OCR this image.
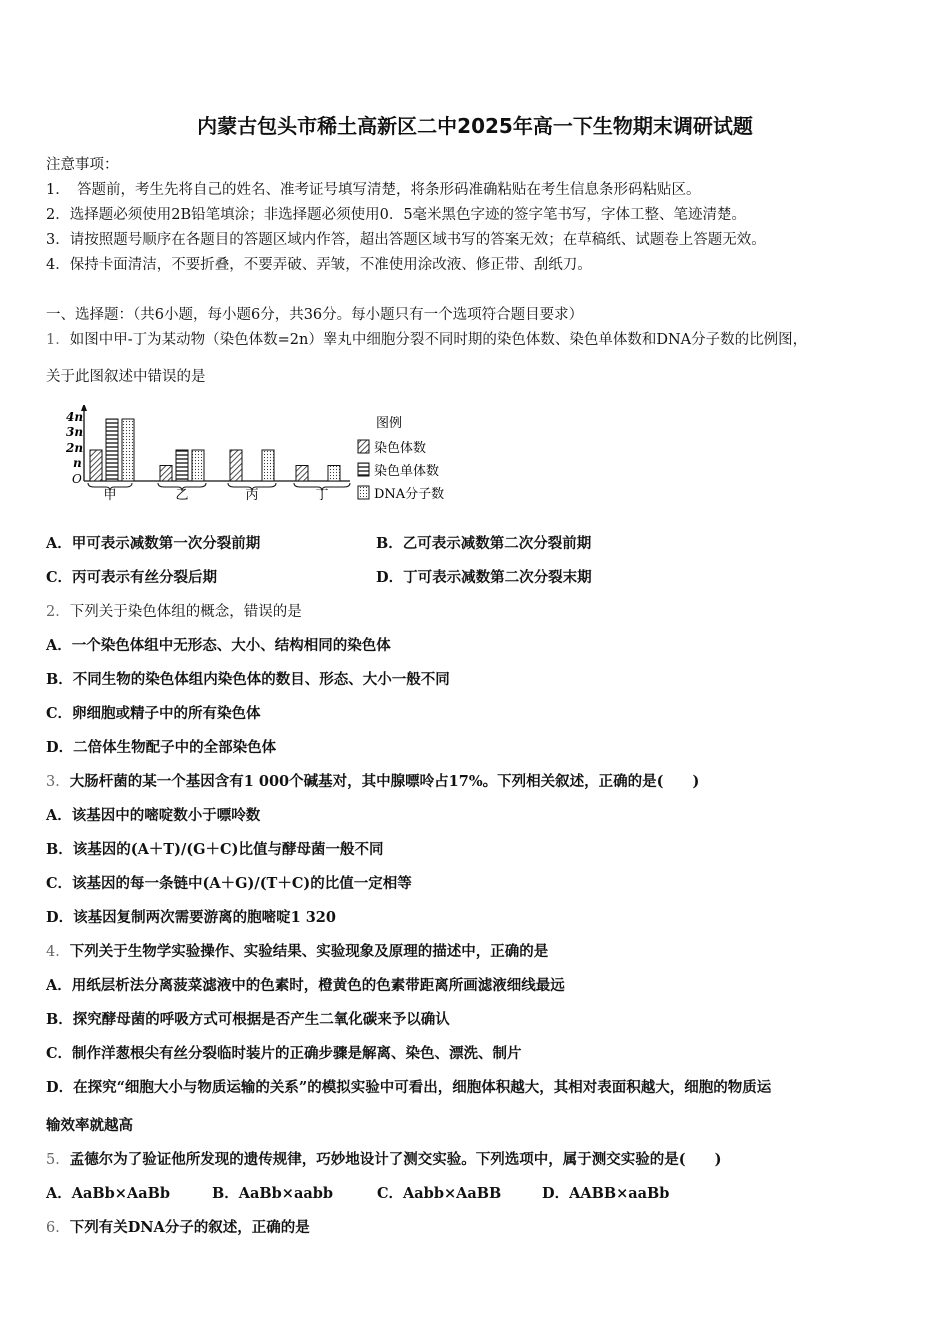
内蒙古包头市稀土高新区二中2025年高一下生物期末调研试题
注意事项：
1．　答题前，考生先将自己的姓名、准考证号填写清楚，将条形码准确粘贴在考生信息条形码粘贴区。
2．选择题必须使用2B铅笔填涂；非选择题必须使用0．5毫米黑色字迹的签字笔书写，字体工整、笔迹清楚。
3．请按照题号顺序在各题目的答题区域内作答，超出答题区域书写的答案无效；在草稿纸、试题卷上答题无效。
4．保持卡面清洁，不要折叠，不要弄破、弄皱，不准使用涂改液、修正带、刮纸刀。
一、选择题：（共6小题，每小题6分，共36分。每小题只有一个选项符合题目要求）
1．如图中甲-丁为某动物（染色体数=2n）睾丸中细胞分裂不同时期的染色体数、染色单体数和DNA分子数的比例图，
关于此图叙述中错误的是
4n
3n
2n
n
O
甲	乙	丙	丁
图例
染色体数
染色单体数
DNA分子数
A．甲可表示减数第一次分裂前期	B．乙可表示减数第二次分裂前期
C．丙可表示有丝分裂后期	D．丁可表示减数第二次分裂末期
2．下列关于染色体组的概念，错误的是
A．一个染色体组中无形态、大小、结构相同的染色体
B．不同生物的染色体组内染色体的数目、形态、大小一般不同
C．卵细胞或精子中的所有染色体
D．二倍体生物配子中的全部染色体
3．大肠杆菌的某一个基因含有1 000个碱基对，其中腺嘌呤占17%。下列相关叙述，正确的是(　　)
A．该基因中的嘧啶数小于嘌呤数
B．该基因的(A＋T)/(G＋C)比值与酵母菌一般不同
C．该基因的每一条链中(A＋G)/(T＋C)的比值一定相等
D．该基因复制两次需要游离的胞嘧啶1 320
4．下列关于生物学实验操作、实验结果、实验现象及原理的描述中，正确的是
A．用纸层析法分离菠菜滤液中的色素时，橙黄色的色素带距离所画滤液细线最远
B．探究酵母菌的呼吸方式可根据是否产生二氧化碳来予以确认
C．制作洋葱根尖有丝分裂临时装片的正确步骤是解离、染色、漂洗、制片
D．在探究“细胞大小与物质运输的关系”的模拟实验中可看出，细胞体积越大，其相对表面积越大，细胞的物质运
输效率就越高
5．孟德尔为了验证他所发现的遗传规律，巧妙地设计了测交实验。下列选项中，属于测交实验的是(　　)
A．AaBb×AaBb	B．AaBb×aabb	C．Aabb×AaBB	D．AABB×aaBb
6．下列有关DNA分子的叙述，正确的是
